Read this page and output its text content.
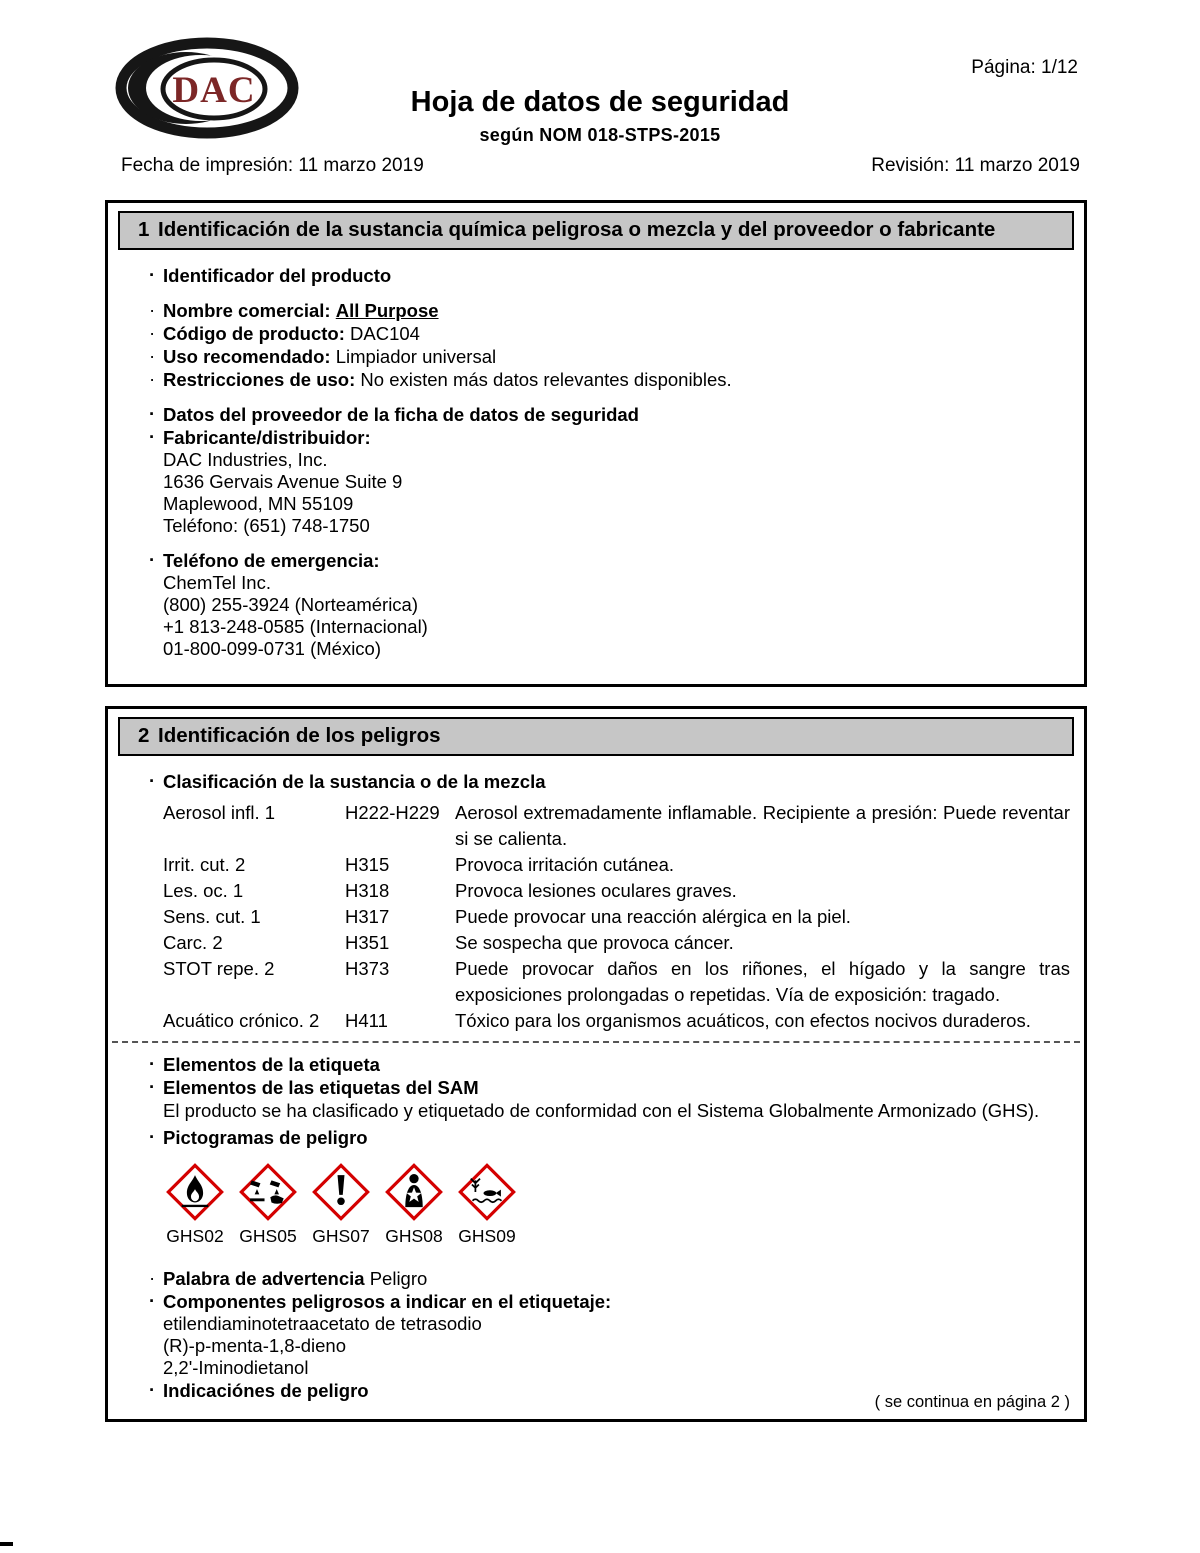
DAC
Página: 1/12
Hoja de datos de seguridad
según NOM 018-STPS-2015
Fecha de impresión: 11 marzo 2019	Revisión: 11 marzo 2019
1 Identificación de la sustancia química peligrosa o mezcla y del proveedor o fabricante
· Identificador del producto
· Nombre comercial: All Purpose
· Código de producto: DAC104
· Uso recomendado: Limpiador universal
· Restricciones de uso: No existen más datos relevantes disponibles.
· Datos del proveedor de la ficha de datos de seguridad
· Fabricante/distribuidor:
DAC Industries, Inc.
1636 Gervais Avenue Suite 9
Maplewood, MN 55109
Teléfono: (651) 748-1750
· Teléfono de emergencia:
ChemTel Inc.
(800) 255-3924 (Norteamérica)
+1 813-248-0585 (Internacional)
01-800-099-0731 (México)
2 Identificación de los peligros
· Clasificación de la sustancia o de la mezcla
Aerosol infl. 1	H222-H229 Aerosol extremadamente inflamable. Recipiente a presión: Puede reventar si se calienta.
Irrit. cut. 2	H315	Provoca irritación cutánea.
Les. oc. 1	H318	Provoca lesiones oculares graves.
Sens. cut. 1	H317	Puede provocar una reacción alérgica en la piel.
Carc. 2	H351	Se sospecha que provoca cáncer.
STOT repe. 2	H373	Puede provocar daños en los riñones, el hígado y la sangre tras exposiciones prolongadas o repetidas. Vía de exposición: tragado.
Acuático crónico. 2	H411	Tóxico para los organismos acuáticos, con efectos nocivos duraderos.
· Elementos de la etiqueta
· Elementos de las etiquetas del SAM
El producto se ha clasificado y etiquetado de conformidad con el Sistema Globalmente Armonizado (GHS).
· Pictogramas de peligro
GHS02 GHS05 GHS07 GHS08 GHS09
· Palabra de advertencia Peligro
· Componentes peligrosos a indicar en el etiquetaje:
etilendiaminotetraacetato de tetrasodio
(R)-p-menta-1,8-dieno
2,2'-Iminodietanol
· Indicaciónes de peligro
( se continua en página 2 )
